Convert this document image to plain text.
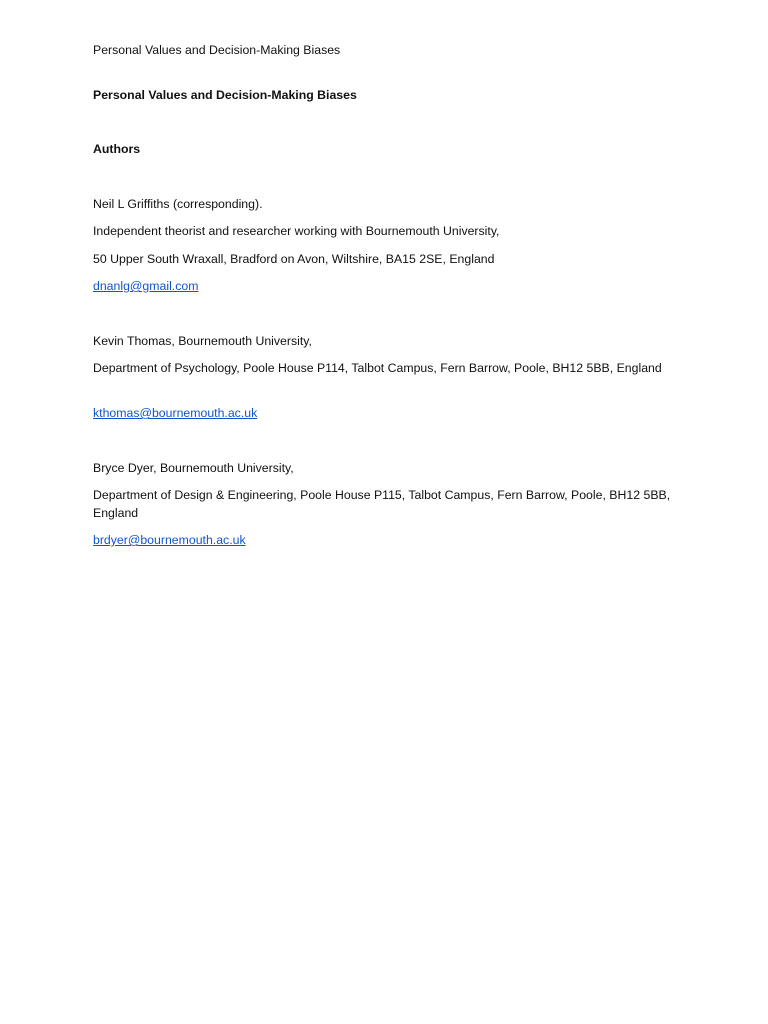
Personal Values and Decision-Making Biases
Personal Values and Decision-Making Biases
Authors
Neil L Griffiths (corresponding).
Independent theorist and researcher working with Bournemouth University,
50 Upper South Wraxall, Bradford on Avon, Wiltshire, BA15 2SE, England
dnanlg@gmail.com
Kevin Thomas, Bournemouth University,
Department of Psychology, Poole House P114, Talbot Campus, Fern Barrow, Poole, BH12 5BB, England
kthomas@bournemouth.ac.uk
Bryce Dyer, Bournemouth University,
Department of Design & Engineering, Poole House P115, Talbot Campus, Fern Barrow, Poole, BH12 5BB, England
brdyer@bournemouth.ac.uk
